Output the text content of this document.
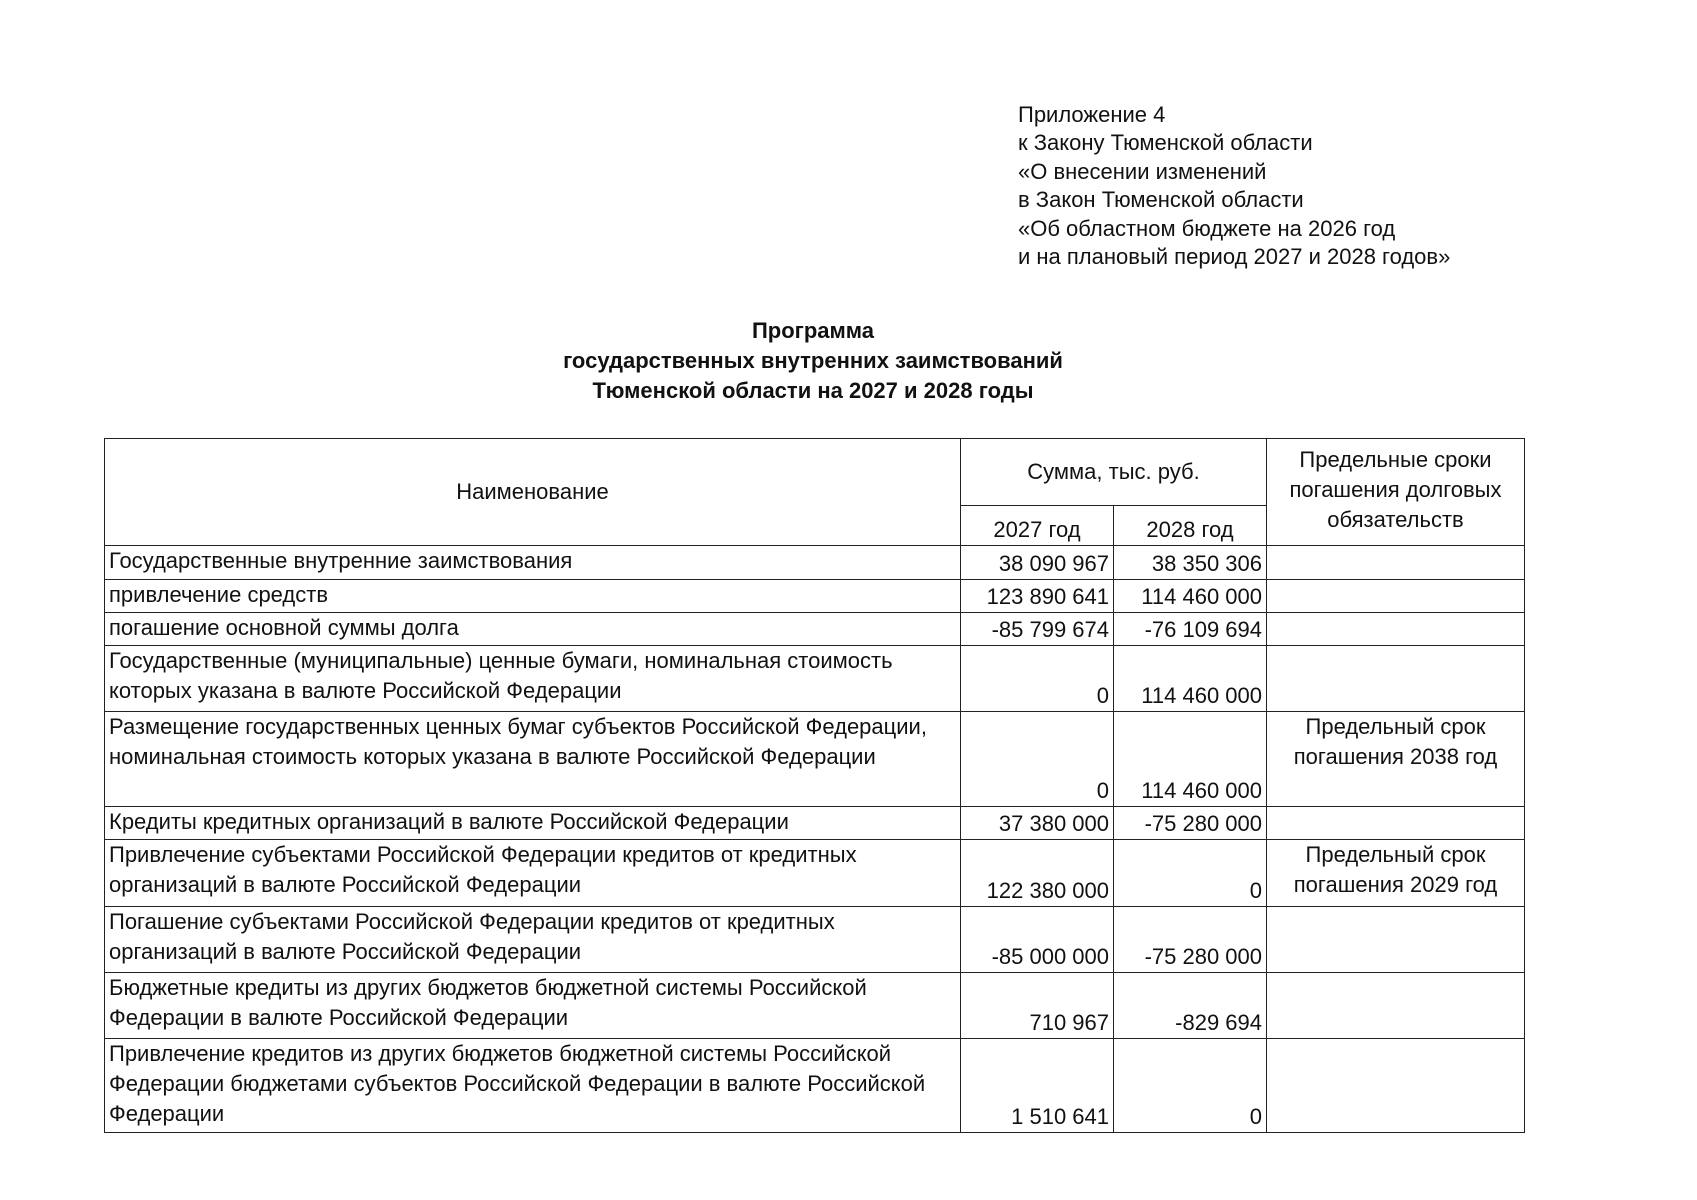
Приложение 4
к Закону Тюменской области
«О внесении изменений
в Закон Тюменской области
«Об областном бюджете на 2026 год
и на плановый период 2027 и 2028 годов»
Программа
государственных внутренних заимствований
Тюменской области на 2027 и 2028 годы
Наименование	Сумма, тыс. руб.		Предельные сроки погашения долговых обязательств
	2027 год	2028 год	
Государственные внутренние заимствования	38 090 967	38 350 306	
привлечение средств	123 890 641	114 460 000	
погашение основной суммы долга	-85 799 674	-76 109 694	
Государственные (муниципальные) ценные бумаги, номинальная стоимость которых указана в валюте Российской Федерации	0	114 460 000	
Размещение государственных ценных бумаг субъектов Российской Федерации, номинальная стоимость которых указана в валюте Российской Федерации	0	114 460 000	Предельный срок погашения 2038 год
Кредиты кредитных организаций в валюте Российской Федерации	37 380 000	-75 280 000	
Привлечение субъектами Российской Федерации кредитов от кредитных организаций в валюте Российской Федерации	122 380 000	0	Предельный срок погашения 2029 год
Погашение субъектами Российской Федерации кредитов от кредитных организаций в валюте Российской Федерации	-85 000 000	-75 280 000	
Бюджетные кредиты из других бюджетов бюджетной системы Российской Федерации в валюте Российской Федерации	710 967	-829 694	
Привлечение кредитов из других бюджетов бюджетной системы Российской Федерации бюджетами субъектов Российской Федерации в валюте Российской Федерации	1 510 641	0	
